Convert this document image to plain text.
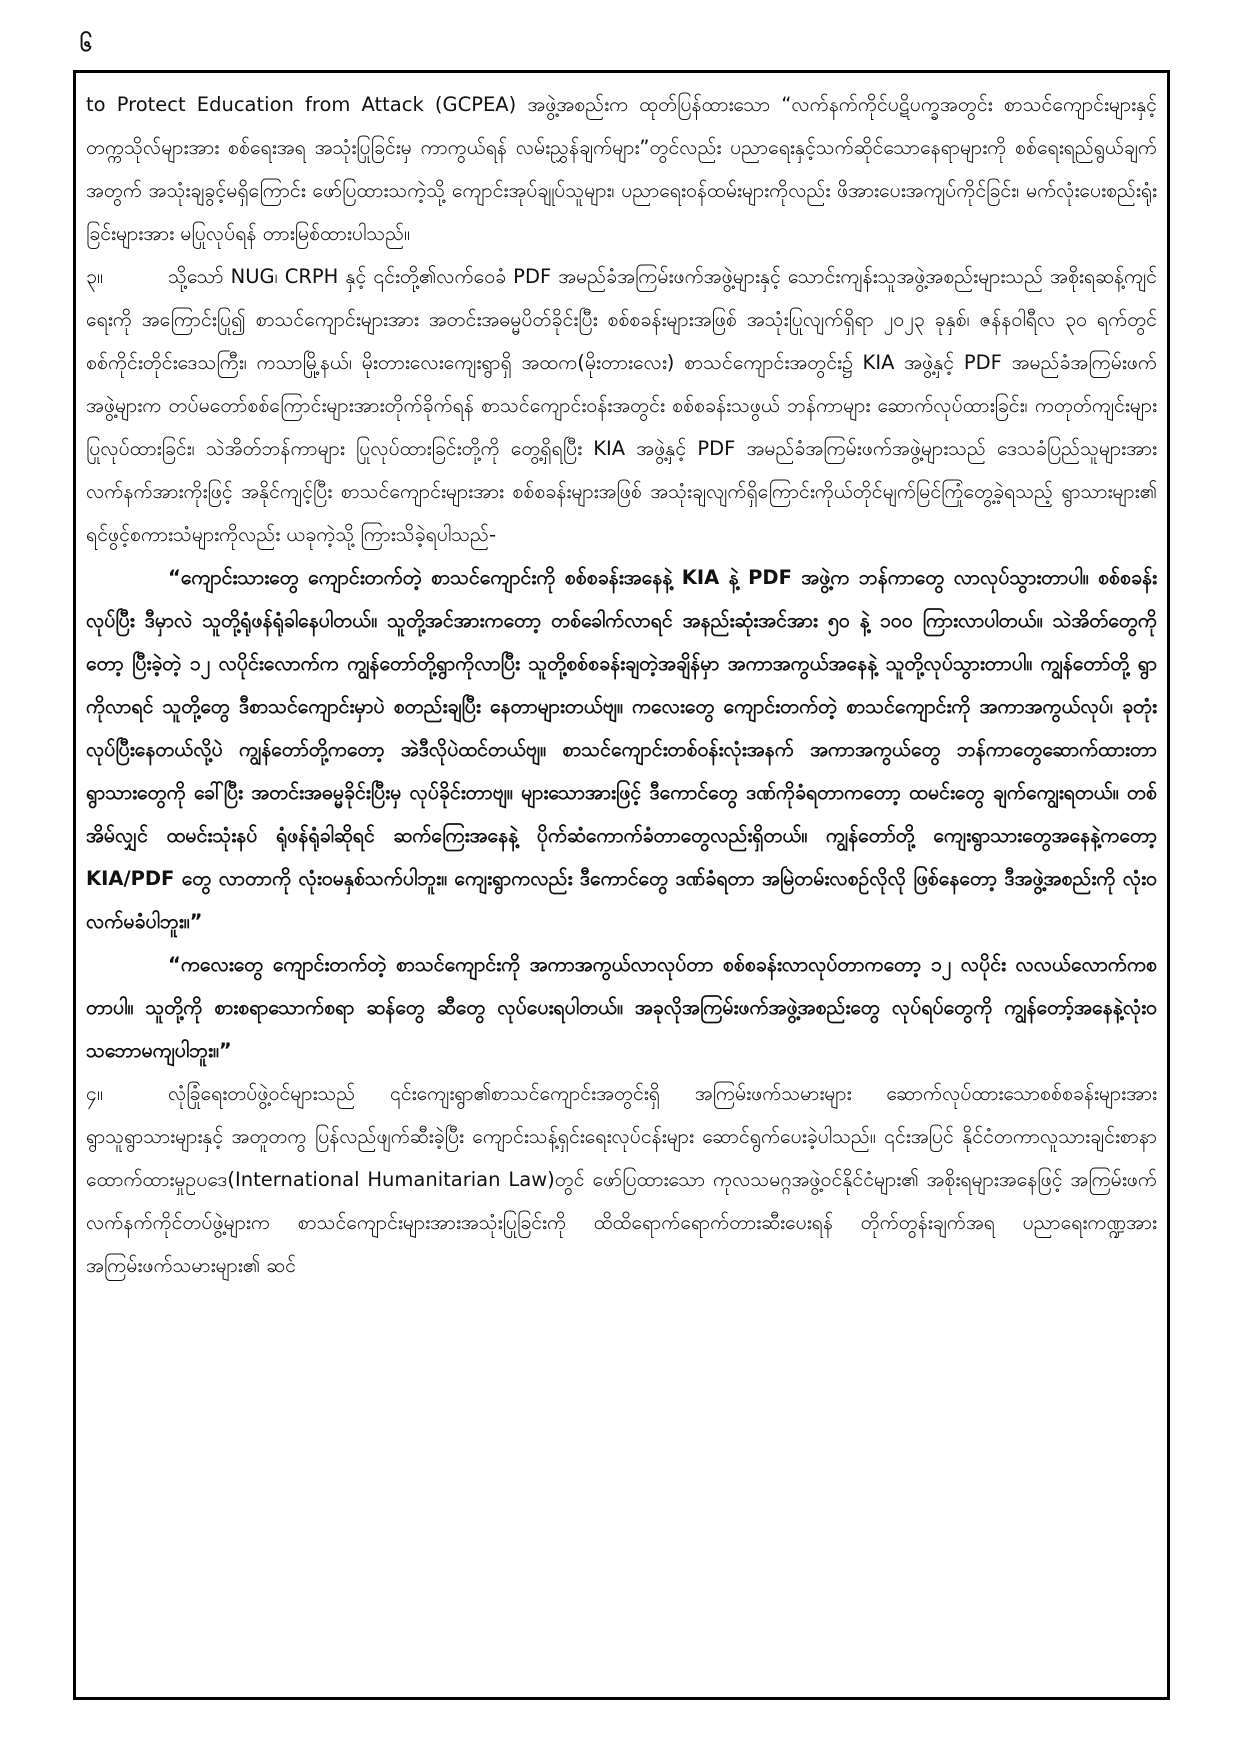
၆

to Protect Education from Attack (GCPEA) အဖွဲ့အစည်းက ထုတ်ပြန်ထားသော “လက်နက်ကိုင်ပဋိပက္ခအတွင်း စာသင်ကျောင်းများနှင့် တက္ကသိုလ်များအား စစ်ရေးအရ အသုံးပြုခြင်းမှ ကာကွယ်ရန် လမ်းညွှန်ချက်များ”တွင်လည်း ပညာရေးနှင့်သက်ဆိုင်သောနေရာများကို စစ်ရေးရည်ရွယ်ချက်အတွက် အသုံးချခွင့်မရှိကြောင်း ဖော်ပြထားသကဲ့သို့ ကျောင်းအုပ်ချုပ်သူများ၊ ပညာရေးဝန်ထမ်းများကိုလည်း ဖိအားပေးအကျပ်ကိုင်ခြင်း၊ မက်လုံးပေးစည်းရုံးခြင်းများအား မပြုလုပ်ရန် တားမြစ်ထားပါသည်။

၃။	သို့သော် NUG၊ CRPH နှင့် ၎င်းတို့၏လက်ဝေခံ PDF အမည်ခံအကြမ်းဖက်အဖွဲ့များနှင့် သောင်းကျန်းသူအဖွဲ့အစည်းများသည် အစိုးရဆန့်ကျင်ရေးကို အကြောင်းပြု၍ စာသင်ကျောင်းများအား အတင်းအဓမ္မပိတ်ခိုင်းပြီး စစ်စခန်းများအဖြစ် အသုံးပြုလျက်ရှိရာ ၂၀၂၃ ခုနှစ်၊ ဇန်နဝါရီလ ၃၀ ရက်တွင် စစ်ကိုင်းတိုင်းဒေသကြီး၊ ကသာမြို့နယ်၊ မိုးတားလေးကျေးရွာရှိ အထက(မိုးတားလေး) စာသင်ကျောင်းအတွင်း၌ KIA အဖွဲ့နှင့် PDF အမည်ခံအကြမ်းဖက်အဖွဲ့များက တပ်မတော်စစ်ကြောင်းများအားတိုက်ခိုက်ရန် စာသင်ကျောင်းဝန်းအတွင်း စစ်စခန်းသဖွယ် ဘန်ကာများ ဆောက်လုပ်ထားခြင်း၊ ကတုတ်ကျင်းများ ပြုလုပ်ထားခြင်း၊ သဲအိတ်ဘန်ကာများ ပြုလုပ်ထားခြင်းတို့ကို တွေ့ရှိရပြီး KIA အဖွဲ့နှင့် PDF အမည်ခံအကြမ်းဖက်အဖွဲ့များသည် ဒေသခံပြည်သူများအား လက်နက်အားကိုးဖြင့် အနိုင်ကျင့်ပြီး စာသင်ကျောင်းများအား စစ်စခန်းများအဖြစ် အသုံးချလျက်ရှိကြောင်းကိုယ်တိုင်မျက်မြင်ကြုံတွေ့ခဲ့ရသည့် ရွာသားများ၏ ရင်ဖွင့်စကားသံများကိုလည်း ယခုကဲ့သို့ ကြားသိခဲ့ရပါသည်-

“ကျောင်းသားတွေ ကျောင်းတက်တဲ့ စာသင်ကျောင်းကို စစ်စခန်းအနေနဲ့ KIA နဲ့ PDF အဖွဲ့က ဘန်ကာတွေ လာလုပ်သွားတာပါ။ စစ်စခန်းလုပ်ပြီး ဒီမှာလဲ သူတို့ရုံဖန်ရုံခါနေပါတယ်။ သူတို့အင်အားကတော့ တစ်ခေါက်လာရင် အနည်းဆုံးအင်အား ၅၀ နဲ့ ၁၀၀ ကြားလာပါတယ်။ သဲအိတ်တွေကိုတော့ ပြီးခဲ့တဲ့ ၁၂ လပိုင်းလောက်က ကျွန်တော်တို့ရွာကိုလာပြီး သူတို့စစ်စခန်းချတဲ့အချိန်မှာ အကာအကွယ်အနေနဲ့ သူတို့လုပ်သွားတာပါ။ ကျွန်တော်တို့ ရွာကိုလာရင် သူတို့တွေ ဒီစာသင်ကျောင်းမှာပဲ စတည်းချပြီး နေတာများတယ်ဗျ။ ကလေးတွေ ကျောင်းတက်တဲ့ စာသင်ကျောင်းကို အကာအကွယ်လုပ်၊ ခုတုံးလုပ်ပြီးနေတယ်လို့ပဲ ကျွန်တော်တို့ကတော့ အဲဒီလိုပဲထင်တယ်ဗျ။ စာသင်ကျောင်းတစ်ဝန်းလုံးအနက် အကာအကွယ်တွေ ဘန်ကာတွေဆောက်ထားတာ ရွာသားတွေကို ခေါ်ပြီး အတင်းအဓမ္မခိုင်းပြီးမှ လုပ်ခိုင်းတာဗျ။ များသောအားဖြင့် ဒီကောင်တွေ ဒဏ်ကိုခံရတာကတော့ ထမင်းတွေ ချက်ကျွေးရတယ်။ တစ်အိမ်လျှင် ထမင်းသုံးနပ် ရုံဖန်ရုံခါဆိုရင် ဆက်ကြေးအနေနဲ့ ပိုက်ဆံကောက်ခံတာတွေလည်းရှိတယ်။ ကျွန်တော်တို့ ကျေးရွာသားတွေအနေနဲ့ကတော့ KIA/PDF တွေ လာတာကို လုံးဝမနှစ်သက်ပါဘူး။ ကျေးရွာကလည်း ဒီကောင်တွေ ဒဏ်ခံရတာ အမြဲတမ်းလစဉ်လိုလို ဖြစ်နေတော့ ဒီအဖွဲ့အစည်းကို လုံးဝလက်မခံပါဘူး။”

“ကလေးတွေ ကျောင်းတက်တဲ့ စာသင်ကျောင်းကို အကာအကွယ်လာလုပ်တာ စစ်စခန်းလာလုပ်တာကတော့ ၁၂ လပိုင်း လလယ်လောက်ကစတာပါ။ သူတို့ကို စားစရာသောက်စရာ ဆန်တွေ ဆီတွေ လုပ်ပေးရပါတယ်။ အခုလိုအကြမ်းဖက်အဖွဲ့အစည်းတွေ လုပ်ရပ်တွေကို ကျွန်တော့်အနေနဲ့လုံးဝသဘောမကျပါဘူး။”

၄။	လုံခြုံရေးတပ်ဖွဲ့ဝင်များသည် ၎င်းကျေးရွာ၏စာသင်ကျောင်းအတွင်းရှိ အကြမ်းဖက်သမားများ ဆောက်လုပ်ထားသောစစ်စခန်းများအား ရွာသူရွာသားများနှင့် အတူတကွ ပြန်လည်ဖျက်ဆီးခဲ့ပြီး ကျောင်းသန့်ရှင်းရေးလုပ်ငန်းများ ဆောင်ရွက်ပေးခဲ့ပါသည်။ ၎င်းအပြင် နိုင်ငံတကာလူသားချင်းစာနာထောက်ထားမှုဥပဒေ(International Humanitarian Law)တွင် ဖော်ပြထားသော ကုလသမဂ္ဂအဖွဲ့ဝင်နိုင်ငံများ၏ အစိုးရများအနေဖြင့် အကြမ်းဖက်လက်နက်ကိုင်တပ်ဖွဲ့များက စာသင်ကျောင်းများအားအသုံးပြုခြင်းကို ထိထိရောက်ရောက်တားဆီးပေးရန် တိုက်တွန်းချက်အရ ပညာရေးကဏ္ဍအား အကြမ်းဖက်သမားများ၏ ဆင်
